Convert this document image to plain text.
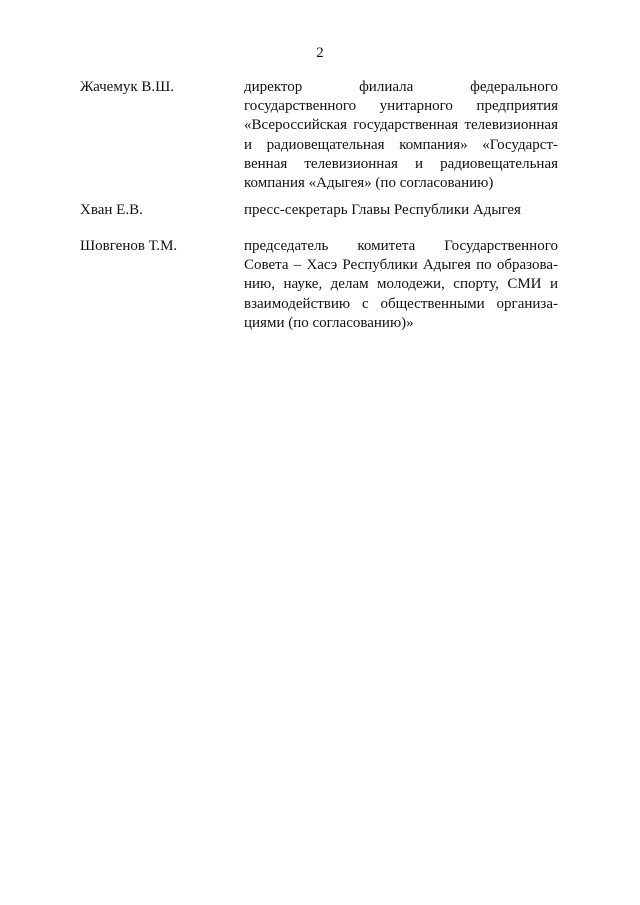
2
Жачемук В.Ш.	директор филиала федерального
государственного унитарного предприятия
«Всероссийская государственная телевизионная
и радиовещательная компания» «Государст-
венная телевизионная и радиовещательная
компания «Адыгея» (по согласованию)
Хван Е.В.	пресс-секретарь Главы Республики Адыгея
Шовгенов Т.М.	председатель комитета Государственного
Совета – Хасэ Республики Адыгея по образова-
нию, науке, делам молодежи, спорту, СМИ и
взаимодействию с общественными организа-
циями (по согласованию)»
